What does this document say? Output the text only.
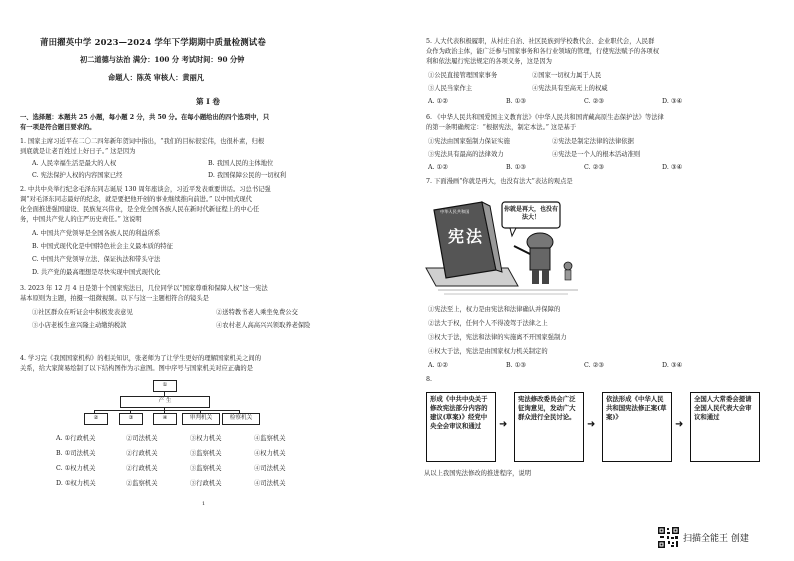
莆田擢英中学 2023—2024 学年下学期期中质量检测试卷
初二道德与法治 满分：100 分 考试时间：90 分钟
命题人：陈英 审核人：黄丽凡
第 Ⅰ 卷
一、选择题：本题共 25 小题，每小题 2 分，共 50 分。在每小题给出的四个选项中，只
有一项是符合题目要求的。
1. 国家主席习近平在二〇二四年新年贺词中指出，“我们的目标很宏伟，也很朴素，归根
到底就是让老百姓过上好日子。” 这是因为
A. 人民幸福生活是最大的人权	B. 我国人民的主体地位
C. 宪法保护人权的内容国家已经	D. 我国保障公民的一切权利
2. 中共中央举行纪念毛泽东同志诞辰 130 周年座谈会，习近平发表重要讲话。习总书记强
调“对毛泽东同志最好的纪念，就是要把他开创的事业继续推向前进。” 以中国式现代
化全面推进强国建设、民族复兴伟业，是全党全国各族人民在新时代新征程上的中心任
务，中国共产党人的庄严历史责任。” 这说明
A. 中国共产党领导是全国各族人民的利益所系
B. 中国式现代化是中国特色社会主义最本质的特征
C. 中国共产党领导立法、保证执法和带头守法
D. 共产党的最高理想是尽快实现中国式现代化
3. 2023 年 12 月 4 日是第十个国家宪法日，几位同学以“国家尊重和保障人权”这一宪法
基本原则为主题，拍摄一组微视频。以下与这一主题相符合的镜头是
①社区群众在听证会中积极发表意见	②送特教书老人乘坐免费公交
③小店老板生意兴隆主动缴纳税款	④农村老人高高兴兴领取养老保险
4. 学习完《我国国家机构》的相关知识，张老师为了让学生更好的理解国家机关之间的
关系，给大家简易绘制了以下结构图作为示意图。图中序号与国家机关对应正确的是
①
产 生
②	③	④	审判机关	检察机关
A. ①行政机关	②司法机关	③权力机关	④监察机关
B. ①司法机关	②行政机关	③监察机关	④权力机关
C. ①权力机关	②行政机关	③监察机关	④司法机关
D. ①权力机关	②监察机关	③行政机关	④司法机关
1
5. 人大代表积极履职，从村庄自治、社区民族到学校教代会、企业职代会，人民群
众作为政治主体，能广泛参与国家事务和各行业领域的管理，行使宪法赋予的各项权
利和依法履行宪法规定的各项义务，这是因为
①公民直接管理国家事务	②国家一切权力属于人民
③人民当家作主	④宪法具有至高无上的权威
A. ①②	B. ①③	C. ②③	D. ③④
6. 《中华人民共和国爱国主义教育法》《中华人民共和国青藏高原生态保护法》等法律
的第一条明确规定：“根据宪法，制定本法。” 这是基于
①宪法由国家强制力保证实施	②宪法是制定法律的法律依据
③宪法具有最高的法律效力	④宪法是一个人的根本活动准则
A. ①②	B. ①③	C. ②③	D. ③④
7. 下面漫画“你就是再大，也没有法大”表达的观点是
中华人民共和国
宪法
你就是再大，也没有法大！
①宪法至上，权力是由宪法和法律确认并保障的
②法大于权，任何个人不得凌驾于法律之上
③权大于法，宪法和法律的实施离不开国家强制力
④权大于法，宪法是由国家权力机关制定的
A. ①②	B. ①③	C. ②③	D. ③④
8.
形成《中共中央关于修改宪法部分内容的建议(草案)》经党中央全会审议和通过	➜
宪法修改委员会广泛征询意见，发动广大群众进行全民讨论。
➜
依法形成《中华人民共和国宪法修正案(草案)》
➜
全国人大常委会提请全国人民代表大会审议和通过
从以上我国宪法修改的推进程序，说明
扫描全能王 创建
